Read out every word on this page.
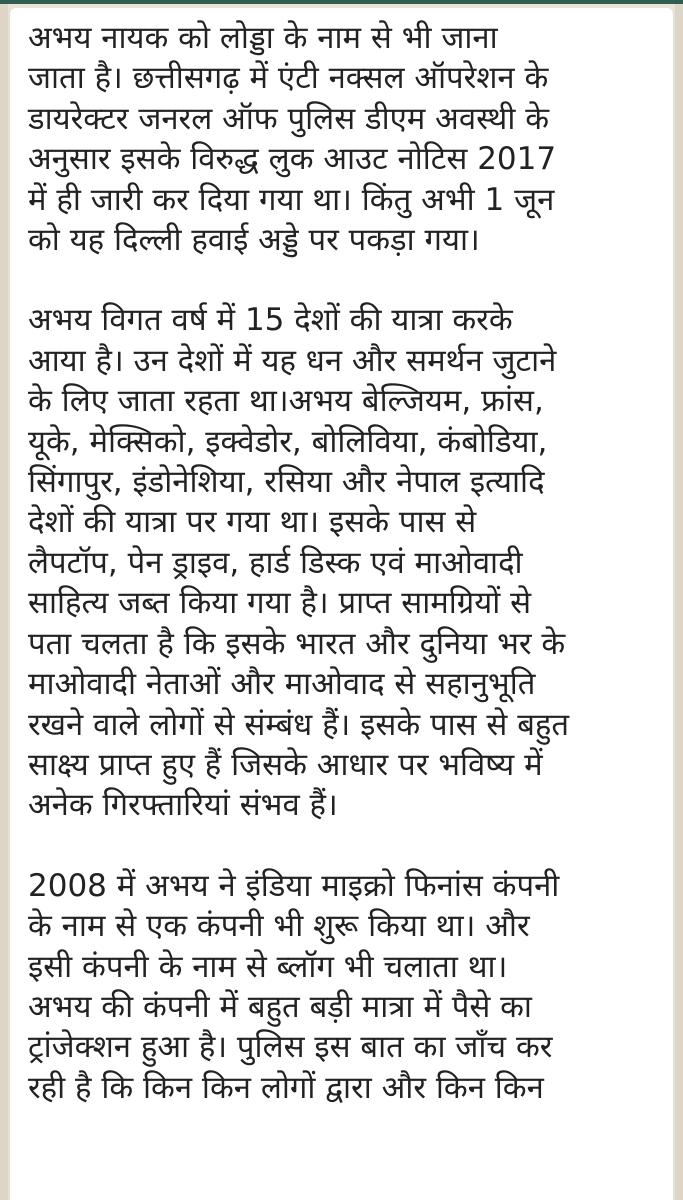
अभय नायक को लोड्डा के नाम से भी जाना
जाता है। छत्तीसगढ़ में एंटी नक्सल ऑपरेशन के
डायरेक्टर जनरल ऑफ पुलिस डीएम अवस्थी के
अनुसार इसके विरुद्ध लुक आउट नोटिस 2017
में ही जारी कर दिया गया था। किंतु अभी 1 जून
को यह दिल्ली हवाई अड्डे पर पकड़ा गया।

अभय विगत वर्ष में 15 देशों की यात्रा करके
आया है। उन देशों में यह धन और समर्थन जुटाने
के लिए जाता रहता था।अभय बेल्जियम, फ्रांस,
यूके, मेक्सिको, इक्वेडोर, बोलिविया, कंबोडिया,
सिंगापुर, इंडोनेशिया, रसिया और नेपाल इत्यादि
देशों की यात्रा पर गया था। इसके पास से
लैपटॉप, पेन ड्राइव, हार्ड डिस्क एवं माओवादी
साहित्य जब्त किया गया है। प्राप्त सामग्रियों से
पता चलता है कि इसके भारत और दुनिया भर के
माओवादी नेताओं और माओवाद से सहानुभूति
रखने वाले लोगों से संम्बंध हैं। इसके पास से बहुत
साक्ष्य प्राप्त हुए हैं जिसके आधार पर भविष्य में
अनेक गिरफ्तारियां संभव हैं।

2008 में अभय ने इंडिया माइक्रो फिनांस कंपनी
के नाम से एक कंपनी भी शुरू किया था। और
इसी कंपनी के नाम से ब्लॉग भी चलाता था।
अभय की कंपनी में बहुत बड़ी मात्रा में पैसे का
ट्रांजेक्शन हुआ है। पुलिस इस बात का जाँच कर
रही है कि किन किन लोगों द्वारा और किन किन
